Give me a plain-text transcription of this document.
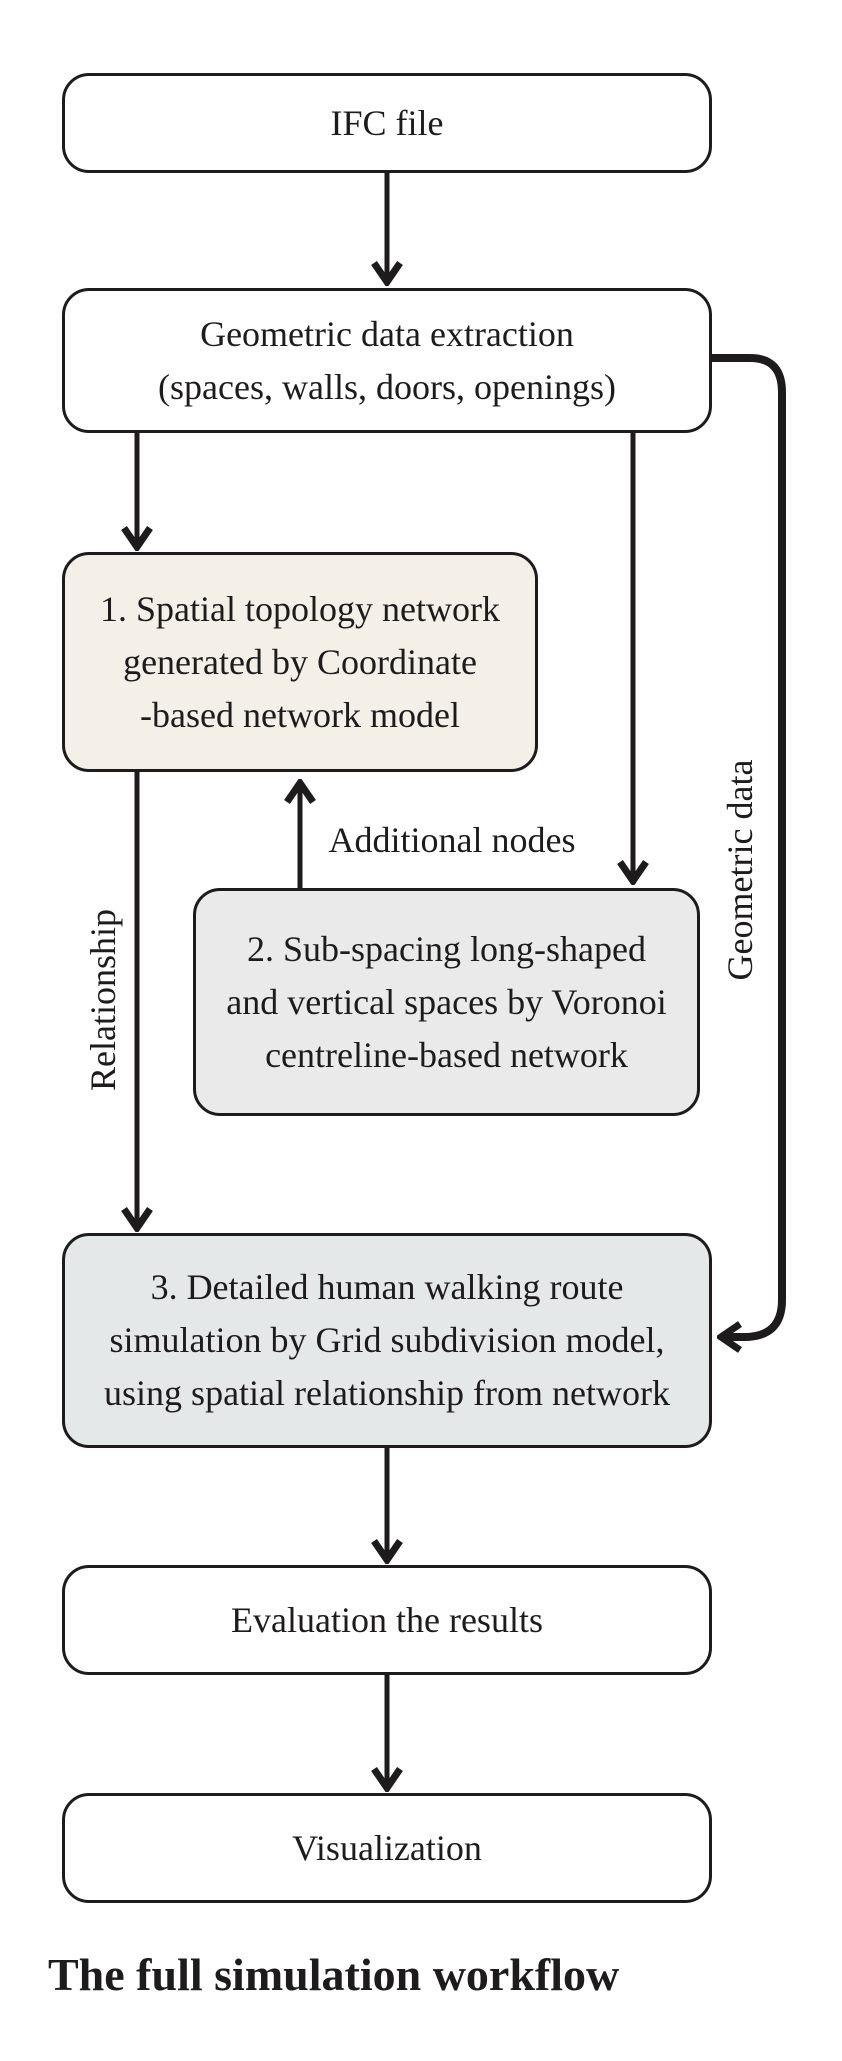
IFC file
Geometric data extraction
(spaces, walls, doors, openings)
1. Spatial topology network
generated by Coordinate
-based network model
2. Sub-spacing long-shaped
and vertical spaces by Voronoi
centreline-based network
3. Detailed human walking route
simulation by Grid subdivision model,
using spatial relationship from network
Evaluation the results
Visualization
Relationship
Additional nodes	Geometric data
The full simulation workflow
